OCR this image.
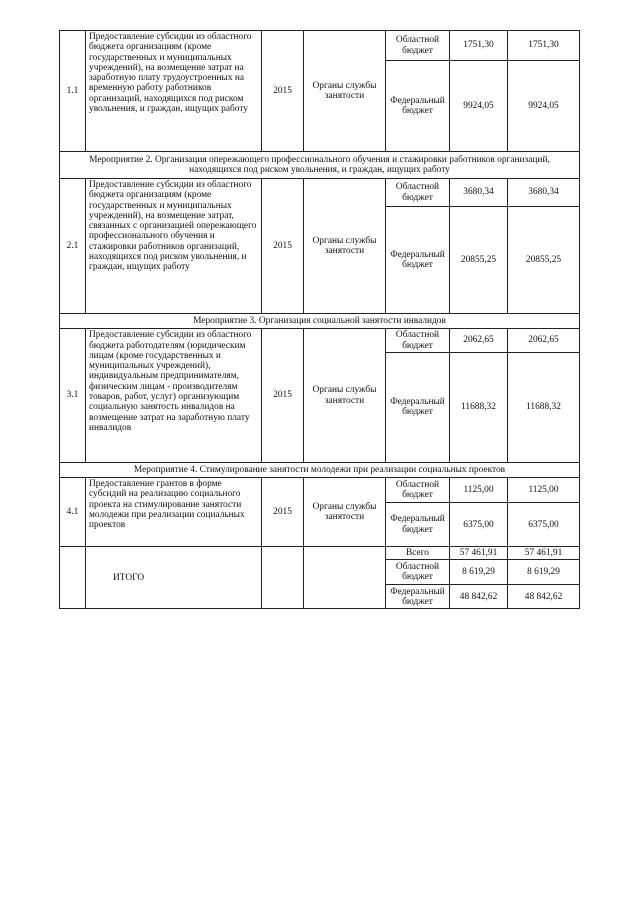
1.1	Предоставление субсидии из областного бюджета организациям (кроме государственных и муниципальных учреждений), на возмещение затрат на заработную плату трудоустроенных на временную работу работников организаций, находящихся под риском увольнения, и граждан, ищущих работу	2015	Органы службы занятости	Областной бюджет	1751,30	1751,30
				Федеральный бюджет	9924,05	9924,05
Мероприятие 2. Организация опережающего профессионального обучения и стажировки работников организаций, находящихся под риском увольнения, и граждан, ищущих работу						
2.1	Предоставление субсидии из областного бюджета организациям (кроме государственных и муниципальных учреждений), на возмещение затрат, связанных с организацией опережающего профессионального обучения и стажировки работников организаций, находящихся под риском увольнения, и граждан, ищущих работу	2015	Органы службы занятости	Областной бюджет	3680,34	3680,34
				Федеральный бюджет	20855,25	20855,25
Мероприятие 3. Организация социальной занятости инвалидов						
3.1	Предоставление субсидии из областного бюджета работодателям (юридическим лицам (кроме государственных и муниципальных учреждений), индивидуальным предпринимателям, физическим лицам - производителям товаров, работ, услуг) организующим социальную занятость инвалидов на возмещение затрат на заработную плату инвалидов	2015	Органы службы занятости	Областной бюджет	2062,65	2062,65
				Федеральный бюджет	11688,32	11688,32
Мероприятие 4. Стимулирование занятости молодежи при реализации социальных проектов						
4.1	Предоставление грантов в форме субсидий на реализацию социального проекта на стимулирование занятости молодежи при реализации социальных проектов	2015	Органы службы занятости	Областной бюджет	1125,00	1125,00
				Федеральный бюджет	6375,00	6375,00
	ИТОГО			Всего	57 461,91	57 461,91
				Областной бюджет	8 619,29	8 619,29
				Федеральный бюджет	48 842,62	48 842,62
